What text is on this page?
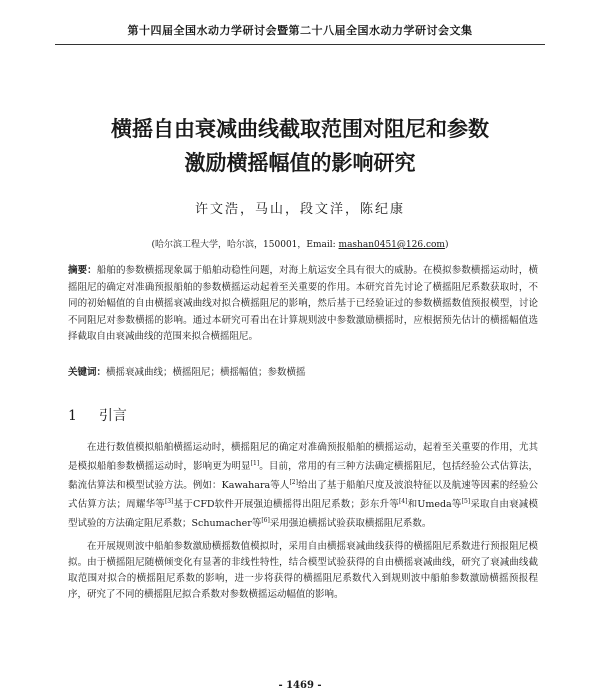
第十四届全国水动力学研讨会暨第二十八届全国水动力学研讨会文集
横摇自由衰减曲线截取范围对阻尼和参数
激励横摇幅值的影响研究
许文浩，马山，段文洋，陈纪康
(哈尔滨工程大学，哈尔滨，150001，Email: mashan0451@126.com)
摘要：船舶的参数横摇现象属于船舶动稳性问题，对海上航运安全具有很大的威胁。在模拟参数横摇运动时，横摇阻尼的确定对准确预报船舶的参数横摇运动起着至关重要的作用。本研究首先讨论了横摇阻尼系数获取时，不同的初始幅值的自由横摇衰减曲线对拟合横摇阻尼的影响，然后基于已经验证过的参数横摇数值预报模型，讨论不同阻尼对参数横摇的影响。通过本研究可看出在计算规则波中参数激励横摇时，应根据预先估计的横摇幅值选择截取自由衰减曲线的范围来拟合横摇阻尼。
关键词：横摇衰减曲线；横摇阻尼；横摇幅值；参数横摇
1 引言

在进行数值模拟船舶横摇运动时，横摇阻尼的确定对准确预报船舶的横摇运动，起着至关重要的作用，尤其是模拟船舶参数横摇运动时，影响更为明显[1]。目前，常用的有三种方法确定横摇阻尼，包括经验公式估算法，黏流估算法和模型试验方法。例如：Kawahara等人[2]给出了基于船舶尺度及波浪特征以及航速等因素的经验公式估算方法；周耀华等[3]基于CFD软件开展强迫横摇得出阻尼系数；彭东升等[4]和Umeda等[5]采取自由衰减模型试验的方法确定阻尼系数；Schumacher等[6]采用强迫横摇试验获取横摇阻尼系数。

在开展规则波中船舶参数激励横摇数值模拟时，采用自由横摇衰减曲线获得的横摇阻尼系数进行预报阻尼模拟。由于横摇阻尼随横倾变化有显著的非线性特性，结合模型试验获得的自由横摇衰减曲线，研究了衰减曲线截取范围对拟合的横摇阻尼系数的影响，进一步将获得的横摇阻尼系数代入到规则波中船舶参数激励横摇预报程序，研究了不同的横摇阻尼拟合系数对参数横摇运动幅值的影响。

- 1469 -
